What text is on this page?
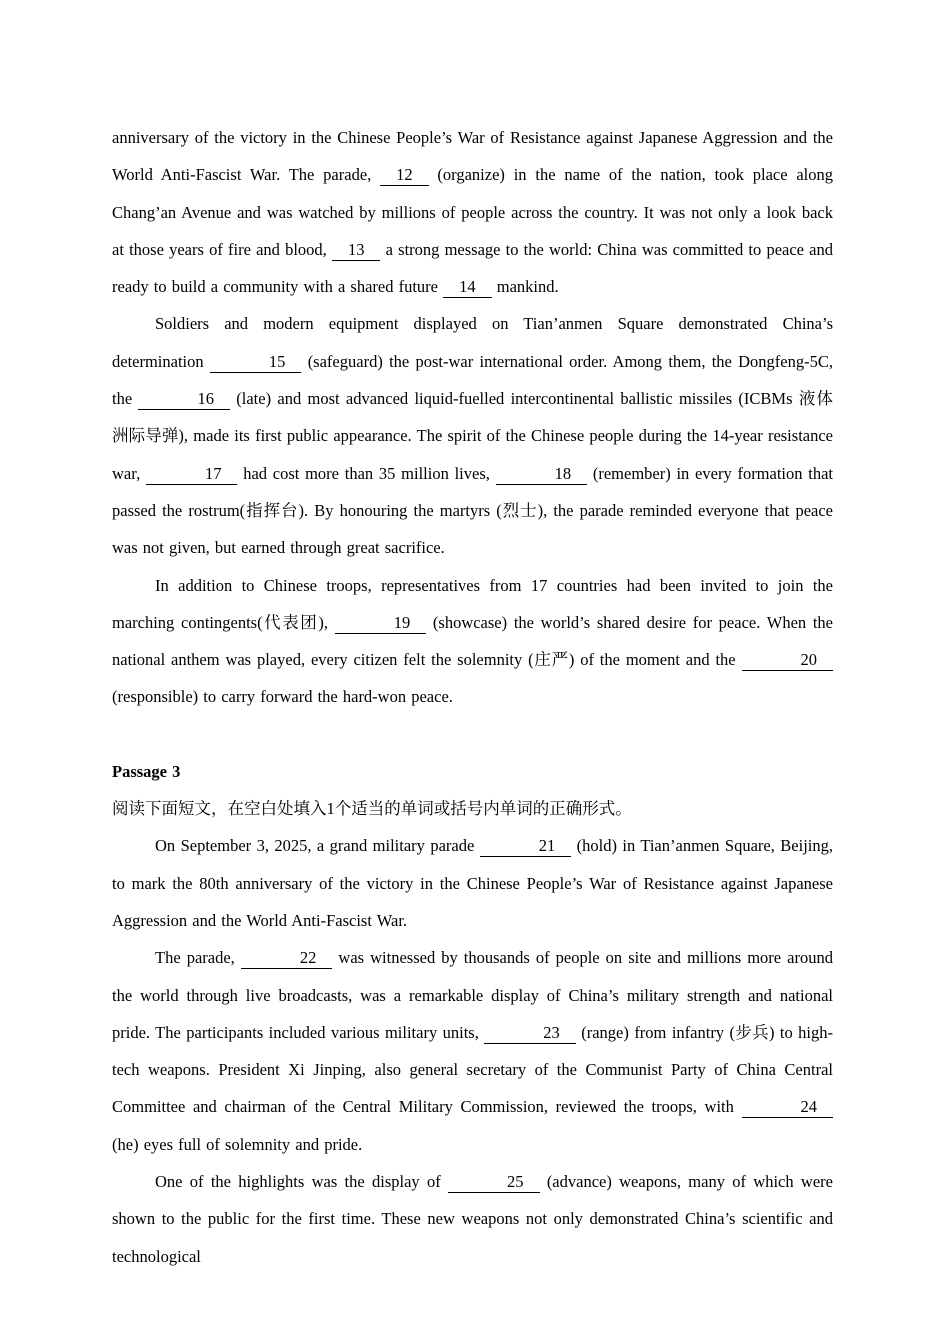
anniversary of the victory in the Chinese People’s War of Resistance against Japanese Aggression and the World Anti-Fascist War. The parade, 12 (organize) in the name of the nation, took place along Chang’an Avenue and was watched by millions of people across the country. It was not only a look back at those years of fire and blood, 13 a strong message to the world: China was committed to peace and ready to build a community with a shared future 14 mankind.

Soldiers and modern equipment displayed on Tian’anmen Square demonstrated China’s determination	15 (safeguard) the post-war international order. Among them, the Dongfeng-5C, the	16 (late) and most advanced liquid-fuelled intercontinental ballistic missiles (ICBMs 液体洲际导弹), made its first public appearance. The spirit of the Chinese people during the 14-year resistance war,	17 had cost more than 35 million lives,	18 (remember) in every formation that passed the rostrum(指挥台). By honouring the martyrs (烈士), the parade reminded everyone that peace was not given, but earned through great sacrifice.

In addition to Chinese troops, representatives from 17 countries had been invited to join the marching contingents(代表团),	19 (showcase) the world’s shared desire for peace. When the national anthem was played, every citizen felt the solemnity (庄严) of the moment and the	20 (responsible) to carry forward the hard-won peace.

Passage 3

阅读下面短文，在空白处填入1个适当的单词或括号内单词的正确形式。

On September 3, 2025, a grand military parade	21 (hold) in Tian’anmen Square, Beijing, to mark the 80th anniversary of the victory in the Chinese People’s War of Resistance against Japanese Aggression and the World Anti-Fascist War.

The parade,	22 was witnessed by thousands of people on site and millions more around the world through live broadcasts, was a remarkable display of China’s military strength and national pride. The participants included various military units,	23 (range) from infantry (步兵) to high-tech weapons. President Xi Jinping, also general secretary of the Communist Party of China Central Committee and chairman of the Central Military Commission, reviewed the troops, with	24 (he) eyes full of solemnity and pride.

One of the highlights was the display of	25 (advance) weapons, many of which were shown to the public for the first time. These new weapons not only demonstrated China’s scientific and technological
